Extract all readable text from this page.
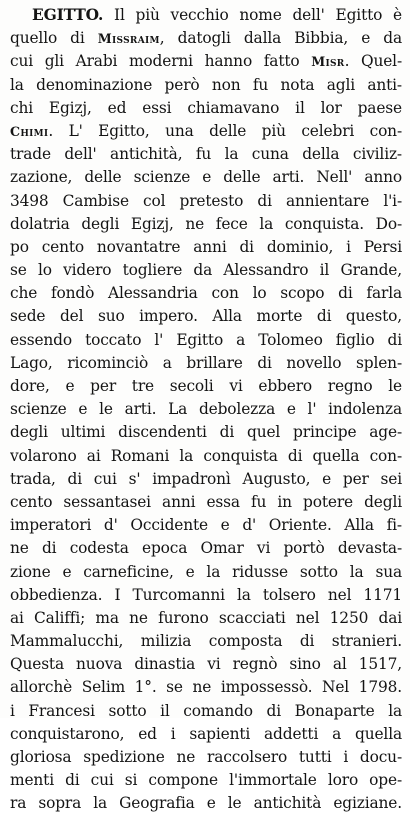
EGITTO. Il più vecchio nome dell' Egitto è
quello di Missraim, datogli dalla Bibbia, e da
cui gli Arabi moderni hanno fatto Misr. Quel-
la denominazione però non fu nota agli anti-
chi Egizj, ed essi chiamavano il lor paese
Chimi. L' Egitto, una delle più celebri con-
trade dell' antichità, fu la cuna della civiliz-
zazione, delle scienze e delle arti. Nell' anno
3498 Cambise col pretesto di annientare l'i-
dolatria degli Egizj, ne fece la conquista. Do-
po cento novantatre anni di dominio, i Persi
se lo videro togliere da Alessandro il Grande,
che fondò Alessandria con lo scopo di farla
sede del suo impero. Alla morte di questo,
essendo toccato l' Egitto a Tolomeo figlio di
Lago, ricominciò a brillare di novello splen-
dore, e per tre secoli vi ebbero regno le
scienze e le arti. La debolezza e l' indolenza
degli ultimi discendenti di quel principe age-
volarono ai Romani la conquista di quella con-
trada, di cui s' impadronì Augusto, e per sei
cento sessantasei anni essa fu in potere degli
imperatori d' Occidente e d' Oriente. Alla fi-
ne di codesta epoca Omar vi portò devasta-
zione e carneficine, e la ridusse sotto la sua
obbedienza. I Turcomanni la tolsero nel 1171
ai Califfi; ma ne furono scacciati nel 1250 dai
Mammalucchi, milizia composta di stranieri.
Questa nuova dinastia vi regnò sino al 1517,
allorchè Selim 1°. se ne impossessò. Nel 1798.
i Francesi sotto il comando di Bonaparte la
conquistarono, ed i sapienti addetti a quella
gloriosa spedizione ne raccolsero tutti i docu-
menti di cui si compone l'immortale loro ope-
ra sopra la Geografia e le antichità egiziane.
